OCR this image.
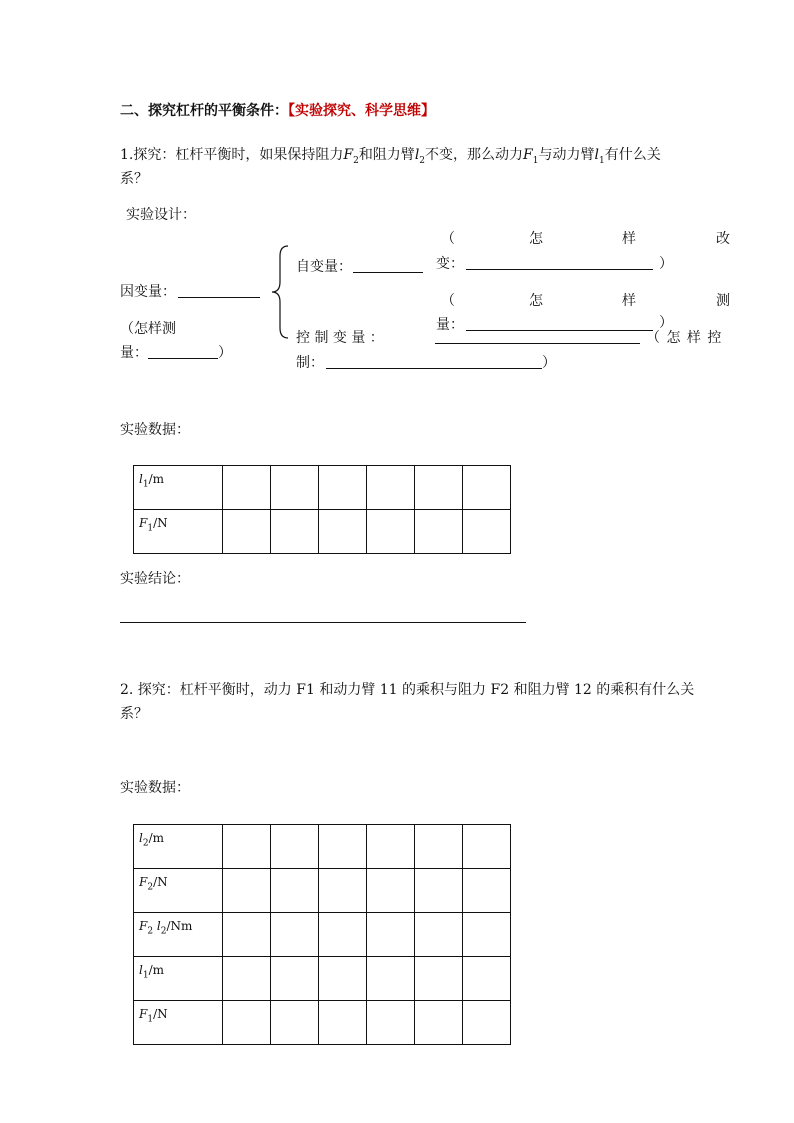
二、探究杠杆的平衡条件：【实验探究、科学思维】
1.探究：杠杆平衡时，如果保持阻力$F_2$和阻力臂$l_2$不变，那么动力$F_1$与动力臂$l_1$有什么关
系？
实验设计：
因变量：
（怎样测
量：	）
自变量：
（	怎	样	改
变：	）
（	怎	样	测
量：	）
控 制 变 量 ：	（ 怎 样 控
制：	）
实验数据：
$l_1/m$						
$F_1/N$						
实验结论：
2. 探究：杠杆平衡时，动力 F1 和动力臂 11 的乘积与阻力 F2 和阻力臂 12 的乘积有什么关
系？
实验数据：
$l_2/m$						
$F_2/N$						
$F_2$ $l_2/Nm$						
$l_1/m$						
$F_1/N$						
